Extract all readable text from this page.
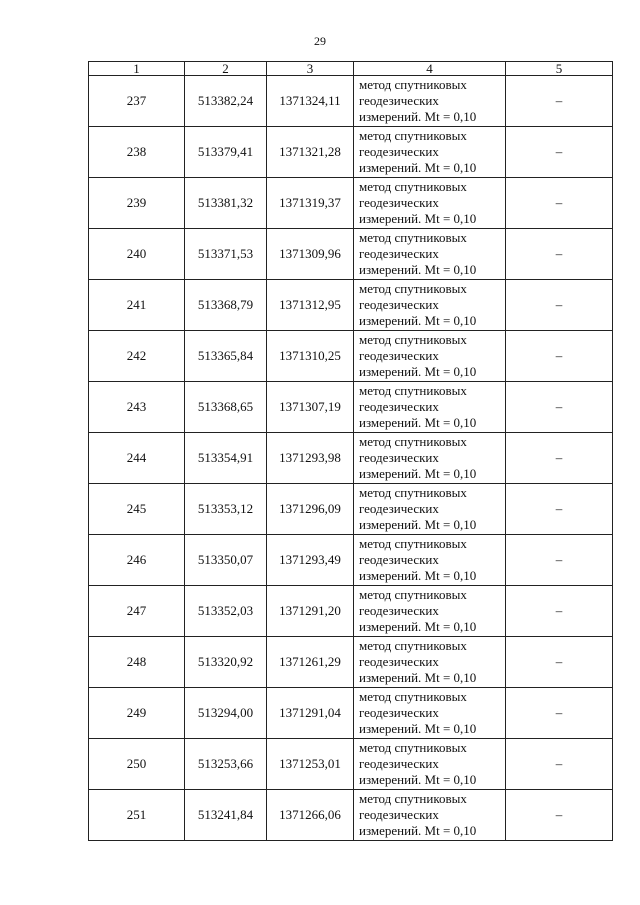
29
1	2	3	4	5
237	513382,24	1371324,11	метод спутниковых
геодезических
измерений. Mt = 0,10	–
238	513379,41	1371321,28	метод спутниковых
геодезических
измерений. Mt = 0,10	–
239	513381,32	1371319,37	метод спутниковых
геодезических
измерений. Mt = 0,10	–
240	513371,53	1371309,96	метод спутниковых
геодезических
измерений. Mt = 0,10	–
241	513368,79	1371312,95	метод спутниковых
геодезических
измерений. Mt = 0,10	–
242	513365,84	1371310,25	метод спутниковых
геодезических
измерений. Mt = 0,10	–
243	513368,65	1371307,19	метод спутниковых
геодезических
измерений. Mt = 0,10	–
244	513354,91	1371293,98	метод спутниковых
геодезических
измерений. Mt = 0,10	–
245	513353,12	1371296,09	метод спутниковых
геодезических
измерений. Mt = 0,10	–
246	513350,07	1371293,49	метод спутниковых
геодезических
измерений. Mt = 0,10	–
247	513352,03	1371291,20	метод спутниковых
геодезических
измерений. Mt = 0,10	–
248	513320,92	1371261,29	метод спутниковых
геодезических
измерений. Mt = 0,10	–
249	513294,00	1371291,04	метод спутниковых
геодезических
измерений. Mt = 0,10	–
250	513253,66	1371253,01	метод спутниковых
геодезических
измерений. Mt = 0,10	–
251	513241,84	1371266,06	метод спутниковых
геодезических
измерений. Mt = 0,10	–
